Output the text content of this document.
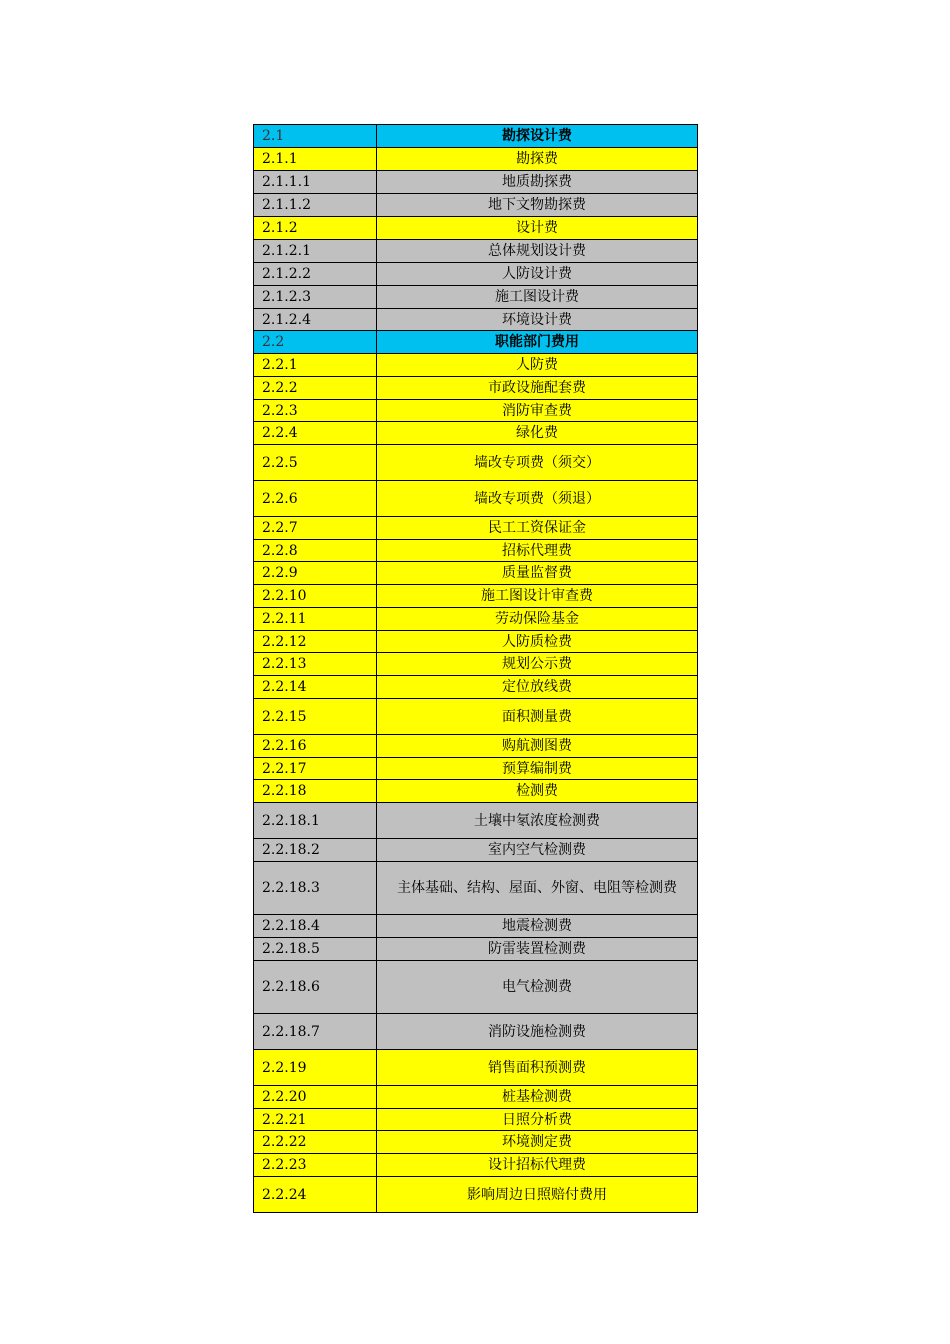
2.1	勘探设计费
2.1.1	勘探费
2.1.1.1	地质勘探费
2.1.1.2	地下文物勘探费
2.1.2	设计费
2.1.2.1	总体规划设计费
2.1.2.2	人防设计费
2.1.2.3	施工图设计费
2.1.2.4	环境设计费
2.2	职能部门费用
2.2.1	人防费
2.2.2	市政设施配套费
2.2.3	消防审查费
2.2.4	绿化费
2.2.5	墙改专项费（须交）
2.2.6	墙改专项费（须退）
2.2.7	民工工资保证金
2.2.8	招标代理费
2.2.9	质量监督费
2.2.10	施工图设计审查费
2.2.11	劳动保险基金
2.2.12	人防质检费
2.2.13	规划公示费
2.2.14	定位放线费
2.2.15	面积测量费
2.2.16	购航测图费
2.2.17	预算编制费
2.2.18	检测费
2.2.18.1	土壤中氡浓度检测费
2.2.18.2	室内空气检测费
2.2.18.3	主体基础、结构、屋面、外窗、电阻等检测费
2.2.18.4	地震检测费
2.2.18.5	防雷装置检测费
2.2.18.6	电气检测费
2.2.18.7	消防设施检测费
2.2.19	销售面积预测费
2.2.20	桩基检测费
2.2.21	日照分析费
2.2.22	环境测定费
2.2.23	设计招标代理费
2.2.24	影响周边日照赔付费用
